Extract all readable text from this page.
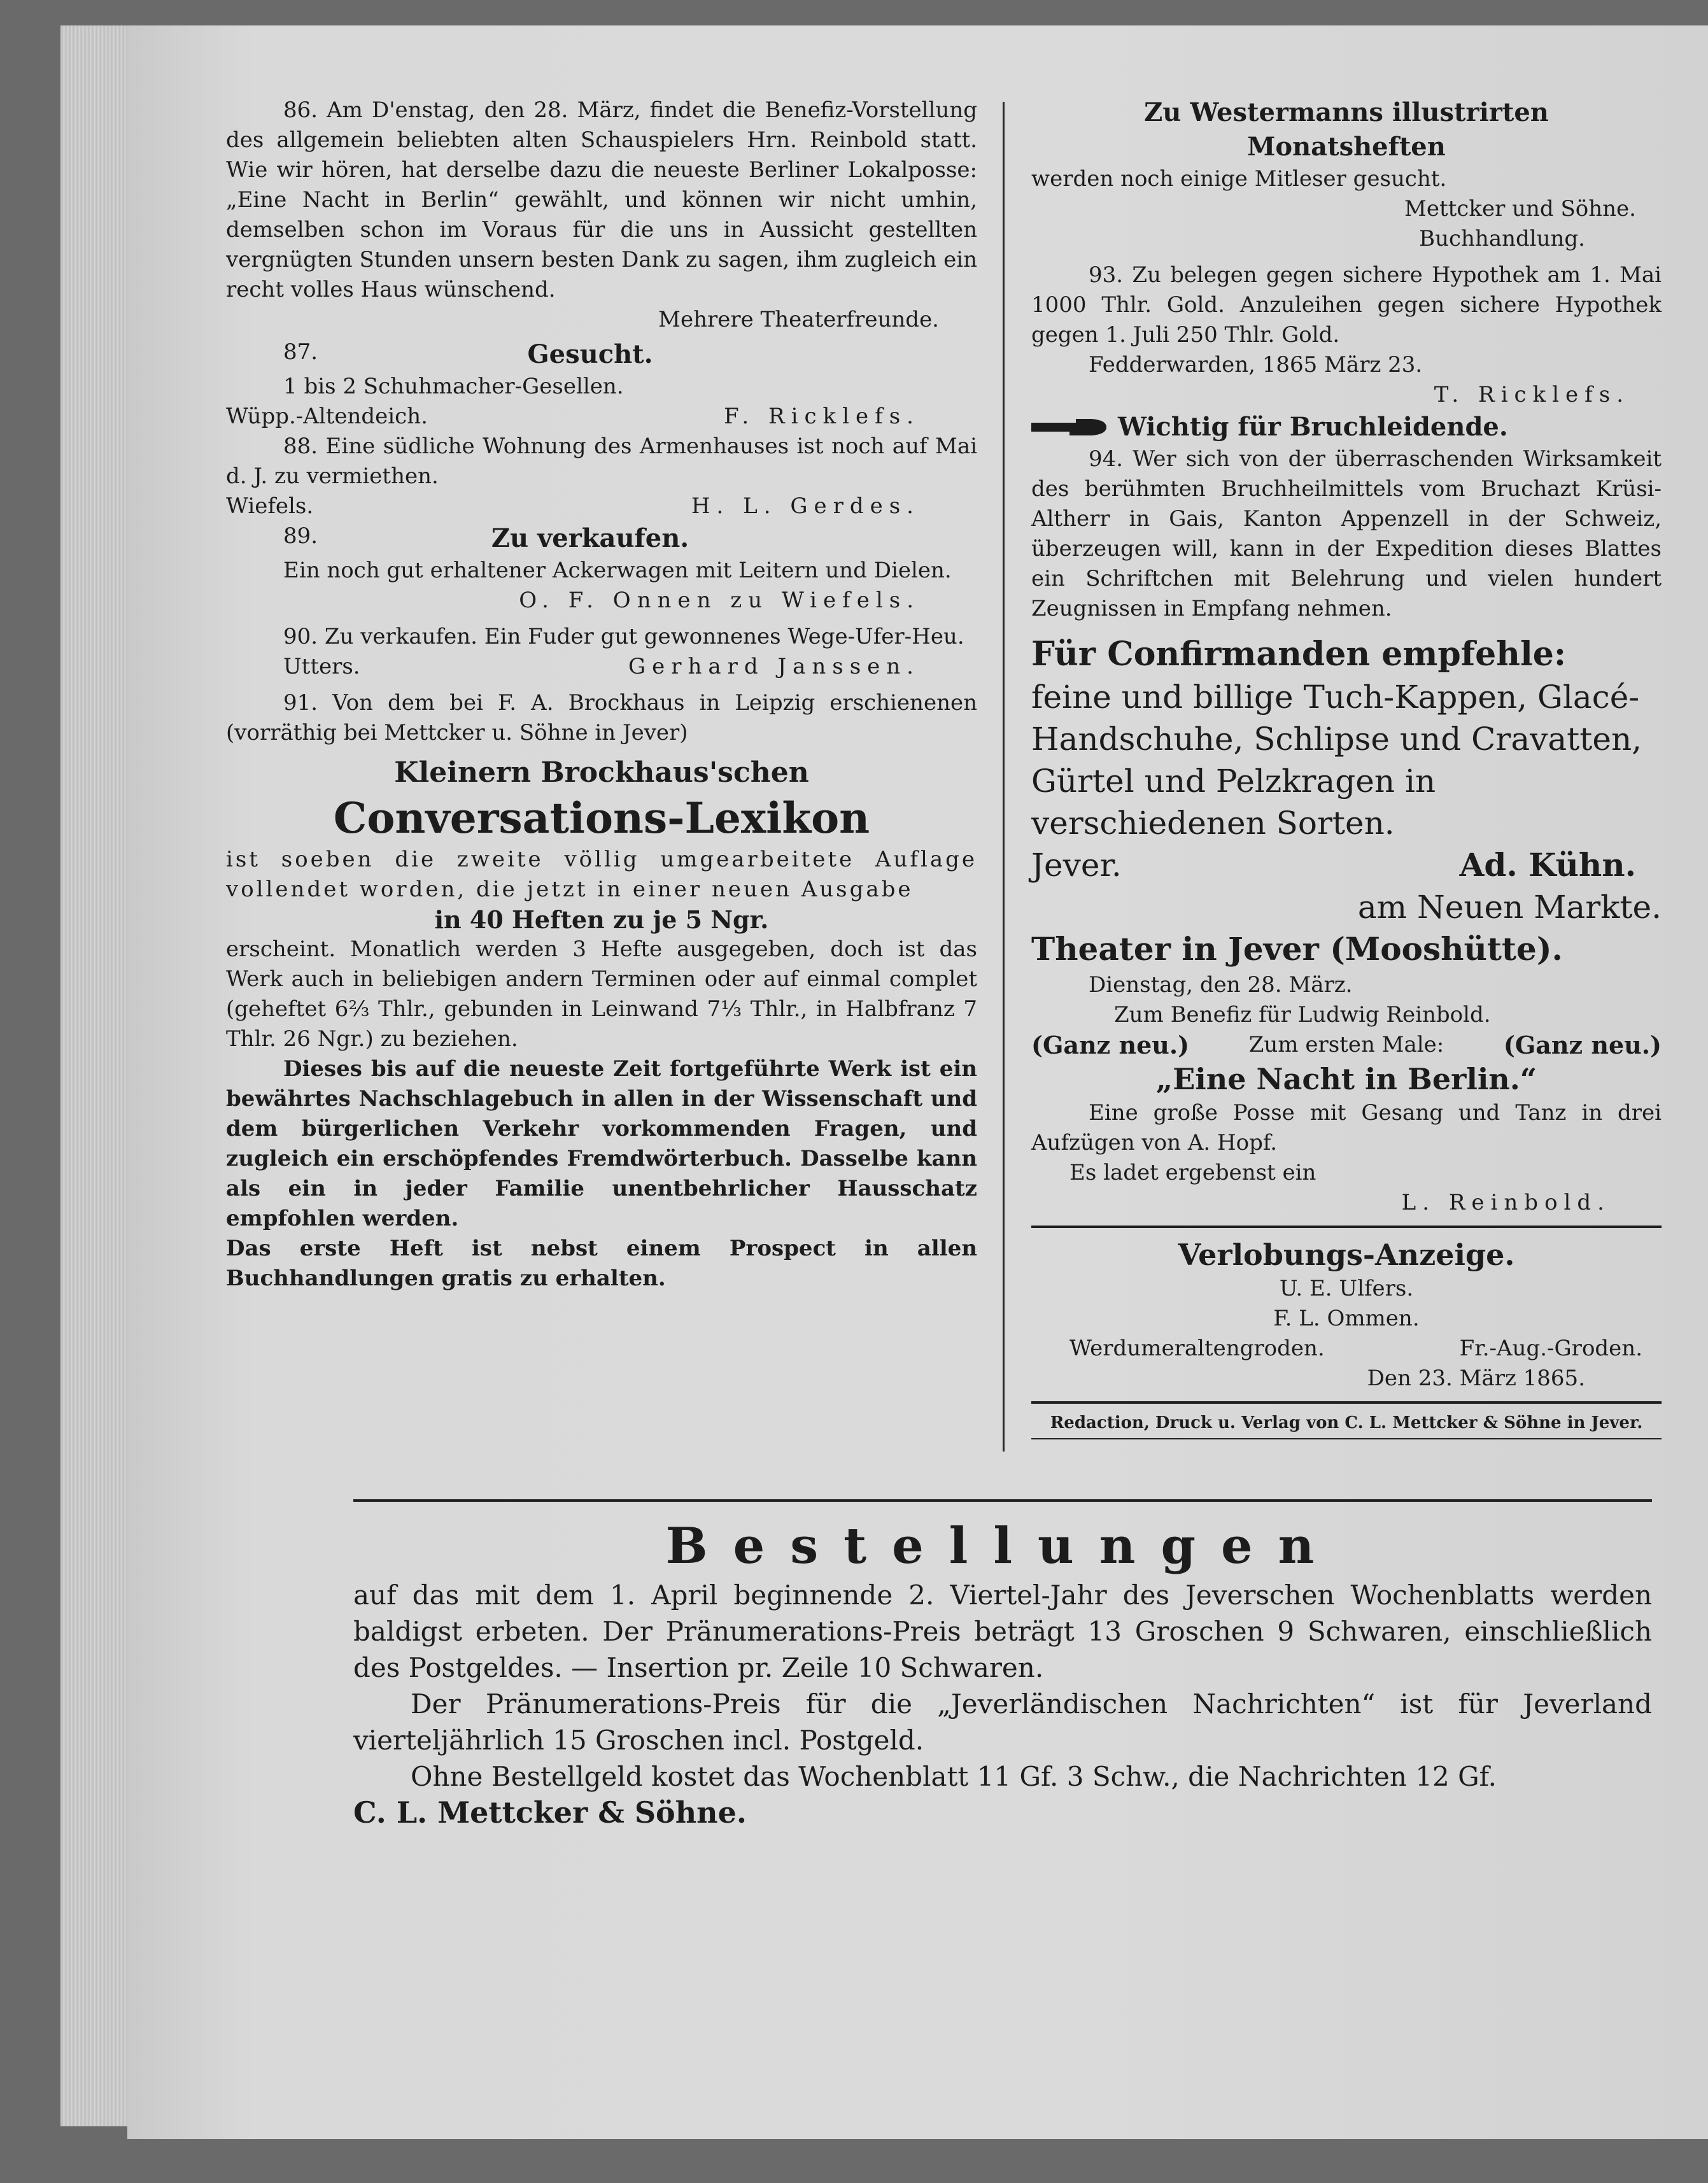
86. Am D'enstag, den 28. März, findet die Benefiz-Vorstellung des allgemein beliebten alten Schauspielers Hrn. Reinbold statt. Wie wir hören, hat derselbe dazu die neueste Berliner Lokalposse: „Eine Nacht in Berlin“ gewählt, und können wir nicht umhin, demselben schon im Voraus für die uns in Aussicht gestellten vergnügten Stunden unsern besten Dank zu sagen, ihm zugleich ein recht volles Haus wünschend.

Mehrere Theaterfreunde.

87.	Gesucht.

1 bis 2 Schuhmacher-Gesellen.

Wüpp.-Altendeich.	F. Ricklefs.

88. Eine südliche Wohnung des Armenhauses ist noch auf Mai d. J. zu vermiethen.

Wiefels.	H. L. Gerdes.
89.	Zu verkaufen.

Ein noch gut erhaltener Ackerwagen mit Leitern und Dielen.

O. F. Onnen zu Wiefels.

90. Zu verkaufen. Ein Fuder gut gewonnenes Wege-Ufer-Heu.

Utters.	Gerhard Janssen.

91. Von dem bei F. A. Brockhaus in Leipzig erschienenen (vorräthig bei Mettcker u. Söhne in Jever)

Kleinern Brockhaus'schen

Conversations-Lexikon

ist soeben die zweite völlig umgearbeitete Auflage vollendet worden, die jetzt in einer neuen Ausgabe

in 40 Heften zu je 5 Ngr.

erscheint. Monatlich werden 3 Hefte ausgegeben, doch ist das Werk auch in beliebigen andern Terminen oder auf einmal complet (geheftet 6⅔ Thlr., gebunden in Leinwand 7⅓ Thlr., in Halbfranz 7 Thlr. 26 Ngr.) zu beziehen.

Dieses bis auf die neueste Zeit fortgeführte Werk ist ein bewährtes Nachschlagebuch in allen in der Wissenschaft und dem bürgerlichen Verkehr vorkommenden Fragen, und zugleich ein erschöpfendes Fremdwörterbuch. Dasselbe kann als ein in jeder Familie unentbehrlicher Hausschatz empfohlen werden.

Das erste Heft ist nebst einem Prospect in allen Buchhandlungen gratis zu erhalten.

Zu Westermanns illustrirten

Monatsheften

werden noch einige Mitleser gesucht.

Mettcker und Söhne.

Buchhandlung.

93. Zu belegen gegen sichere Hypothek am 1. Mai 1000 Thlr. Gold. Anzuleihen gegen sichere Hypothek gegen 1. Juli 250 Thlr. Gold.

Fedderwarden, 1865 März 23.

T. Ricklefs.

Wichtig für Bruchleidende.

94. Wer sich von der überraschenden Wirksamkeit des berühmten Bruchheilmittels vom Bruchazt Krüsi-Altherr in Gais, Kanton Appenzell in der Schweiz, überzeugen will, kann in der Expedition dieses Blattes ein Schriftchen mit Belehrung und vielen hundert Zeugnissen in Empfang nehmen.

Für Confirmanden empfehle:

feine und billige Tuch-Kappen, Glacé-Handschuhe, Schlipse und Cravatten, Gürtel und Pelzkragen in verschiedenen Sorten.

Jever.	Ad. Kühn.

am Neuen Markte.

Theater in Jever (Mooshütte).

Dienstag, den 28. März.

Zum Benefiz für Ludwig Reinbold.

(Ganz neu.)	Zum ersten Male: (Ganz neu.)

„Eine Nacht in Berlin.“

Eine große Posse mit Gesang und Tanz in drei Aufzügen von A. Hopf.

Es ladet ergebenst ein

L. Reinbold.

Verlobungs-Anzeige.

U. E. Ulfers.

F. L. Ommen.

Werdumeraltengroden.	Fr.-Aug.-Groden.

Den 23. März 1865.

Redaction, Druck u. Verlag von C. L. Mettcker & Söhne in Jever.

Bestellungen

auf das mit dem 1. April beginnende 2. Viertel-Jahr des Jeverschen Wochenblatts werden baldigst erbeten. Der Pränumerations-Preis beträgt 13 Groschen 9 Schwaren, einschließlich des Postgeldes. — Insertion pr. Zeile 10 Schwaren.

Der Pränumerations-Preis für die „Jeverländischen Nachrichten“ ist für Jeverland vierteljährlich 15 Groschen incl. Postgeld.

Ohne Bestellgeld kostet das Wochenblatt 11 Gf. 3 Schw., die Nachrichten 12 Gf.

C. L. Mettcker & Söhne.
